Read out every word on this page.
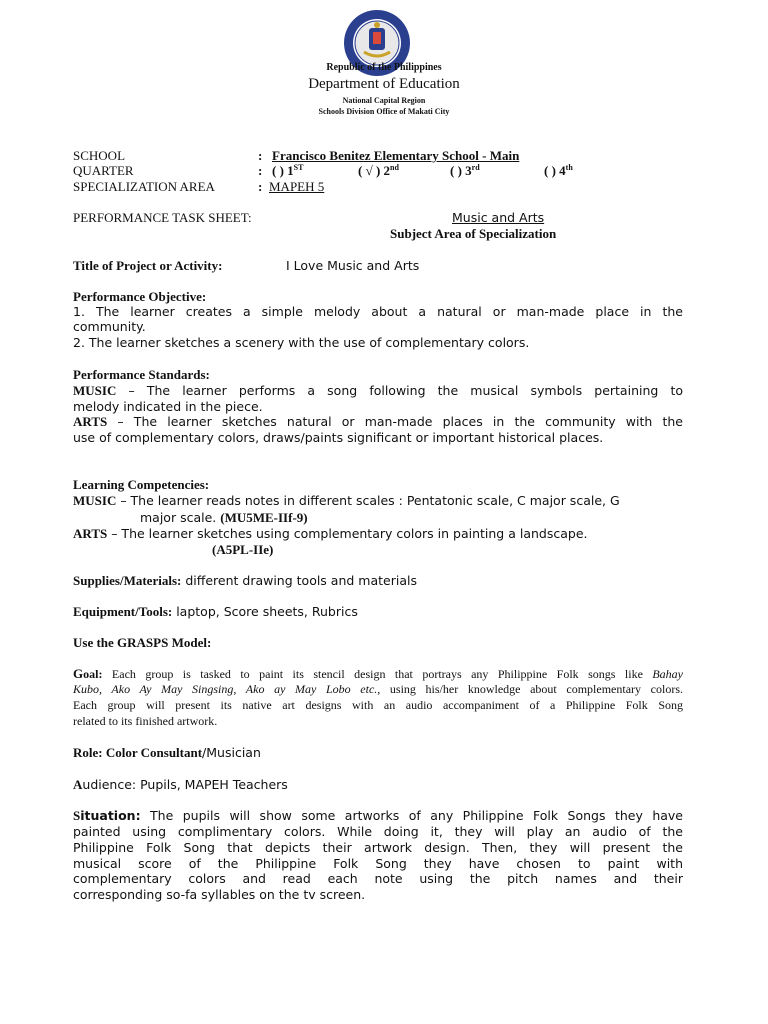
Republic of the Philippines
Department of Education
National Capital Region
Schools Division Office of Makati City
SCHOOL	: Francisco Benitez Elementary School - Main
QUARTER	: ( ) 1ST	( √ ) 2nd	( ) 3rd	( ) 4th
SPECIALIZATION AREA	: MAPEH 5
PERFORMANCE TASK SHEET:	Music and Arts
Subject Area of Specialization
Title of Project or Activity:	I Love Music and Arts
Performance Objective:
1. The learner creates a simple melody about a natural or man-made place in the
community.
2. The learner sketches a scenery with the use of complementary colors.
Performance Standards:
MUSIC – The learner performs a song following the musical symbols pertaining to
melody indicated in the piece.
ARTS – The learner sketches natural or man-made places in the community with the
use of complementary colors, draws/paints significant or important historical places.
Learning Competencies:
MUSIC – The learner reads notes in different scales : Pentatonic scale, C major scale, G
major scale. (MU5ME-IIf-9)
ARTS – The learner sketches using complementary colors in painting a landscape.
(A5PL-IIe)
Supplies/Materials: different drawing tools and materials
Equipment/Tools: laptop, Score sheets, Rubrics
Use the GRASPS Model:
Goal: Each group is tasked to paint its stencil design that portrays any Philippine Folk songs like Bahay
Kubo, Ako Ay May Singsing, Ako ay May Lobo etc., using his/her knowledge about complementary colors.
Each group will present its native art designs with an audio accompaniment of a Philippine Folk Song
related to its finished artwork.
Role: Color Consultant/Musician
Audience: Pupils, MAPEH Teachers
Situation: The pupils will show some artworks of any Philippine Folk Songs they have
painted using complimentary colors. While doing it, they will play an audio of the
Philippine Folk Song that depicts their artwork design. Then, they will present the
musical score of the Philippine Folk Song they have chosen to paint with
complementary colors and read each note using the pitch names and their
corresponding so-fa syllables on the tv screen.
